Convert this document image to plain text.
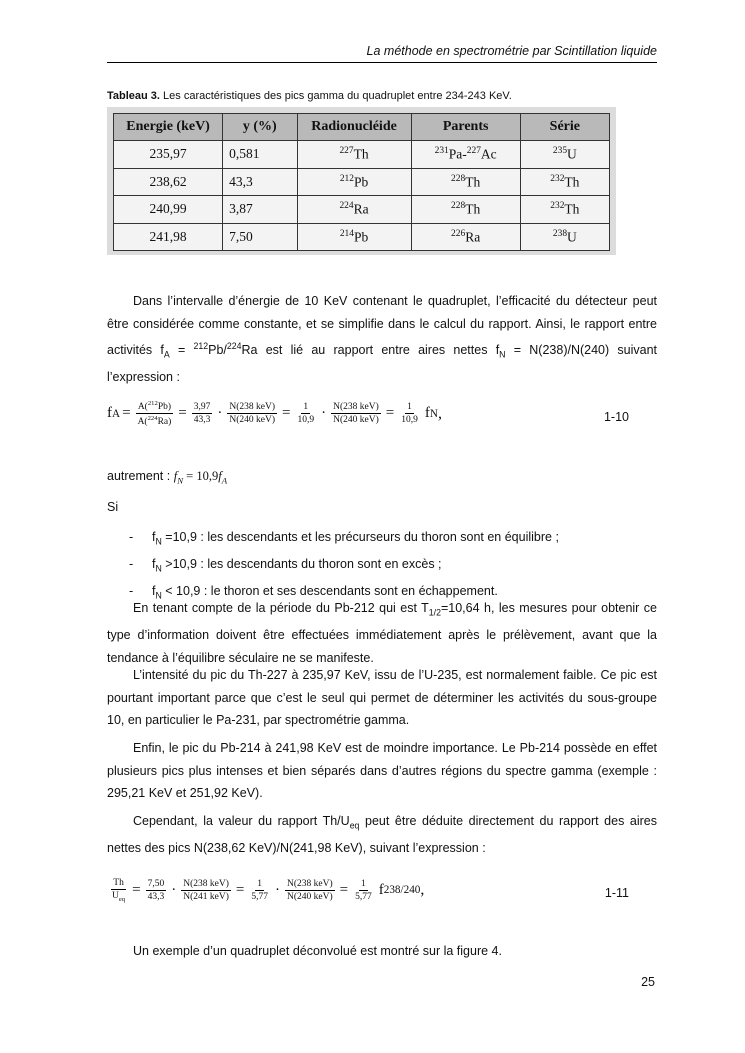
La méthode en spectrométrie par Scintillation liquide
Tableau 3. Les caractéristiques des pics gamma du quadruplet entre 234-243 KeV.
Energie (keV)	y (%)	Radionucléide	Parents	Série
235,97	0,581	$^{227}$Th	$^{231}$Pa-$^{227}$Ac	$^{235}$U
238,62	43,3	$^{212}$Pb	$^{228}$Th	$^{232}$Th
240,99	3,87	$^{224}$Ra	$^{228}$Th	$^{232}$Th
241,98	7,50	$^{214}$Pb	$^{226}$Ra	$^{238}$U
Dans l’intervalle d’énergie de 10 KeV contenant le quadruplet, l’efficacité du détecteur peut être considérée comme constante, et se simplifie dans le calcul du rapport. Ainsi, le rapport entre activités $f_A = ^{212}Pb/^{224}Ra$ est lié au rapport entre aires nettes $f_N = N(238)/N(240)$ suivant l’expression :
f $A = \frac{A(^{212}Pb)}{A(^{224}Ra)} = \frac{3,97}{43,3} \cdot \frac{\text{N(238 keV)}}{\text{N(240 keV)}} = \frac{1}{10,9} \cdot \frac{\text{N(238 keV)}}{\text{N(240 keV)}} = \frac{1}{10,9}$ f N ,	1-10
autrement : $f_N = 10,9f_A$
Si
- $f_N =10,9$ : les descendants et les précurseurs du thoron sont en équilibre ;
- $f_N >10,9$ : les descendants du thoron sont en excès ;
- $f_N < 10,9$ : le thoron et ses descendants sont en échappement.
En tenant compte de la période du Pb-212 qui est $T_{1/2}=10,64$ h, les mesures pour obtenir ce type d’information doivent être effectuées immédiatement après le prélèvement, avant que la tendance à l’équilibre séculaire ne se manifeste.
L’intensité du pic du Th-227 à 235,97 KeV, issu de l’U-235, est normalement faible. Ce pic est pourtant important parce que c’est le seul qui permet de déterminer les activités du sous-groupe 10, en particulier le Pa-231, par spectrométrie gamma.
Enfin, le pic du Pb-214 à 241,98 KeV est de moindre importance. Le Pb-214 possède en effet plusieurs pics plus intenses et bien séparés dans d’autres régions du spectre gamma (exemple : 295,21 KeV et 251,92 KeV).
Cependant, la valeur du rapport $Th/U_{eq}$ peut être déduite directement du rapport des aires nettes des pics N(238,62 KeV)/N(241,98 KeV), suivant l’expression :
$\frac{Th}{U_{eq}} = \frac{7,50}{43,3} \cdot \frac{\text{N(238 keV)}}{\text{N(241 keV)}} = \frac{1}{5,77} \cdot \frac{\text{N(238 keV)}}{\text{N(240 keV)}} = \frac{1}{5,77}$ f 238/240 ,	1-11
Un exemple d’un quadruplet déconvolué est montré sur la figure 4.
25
